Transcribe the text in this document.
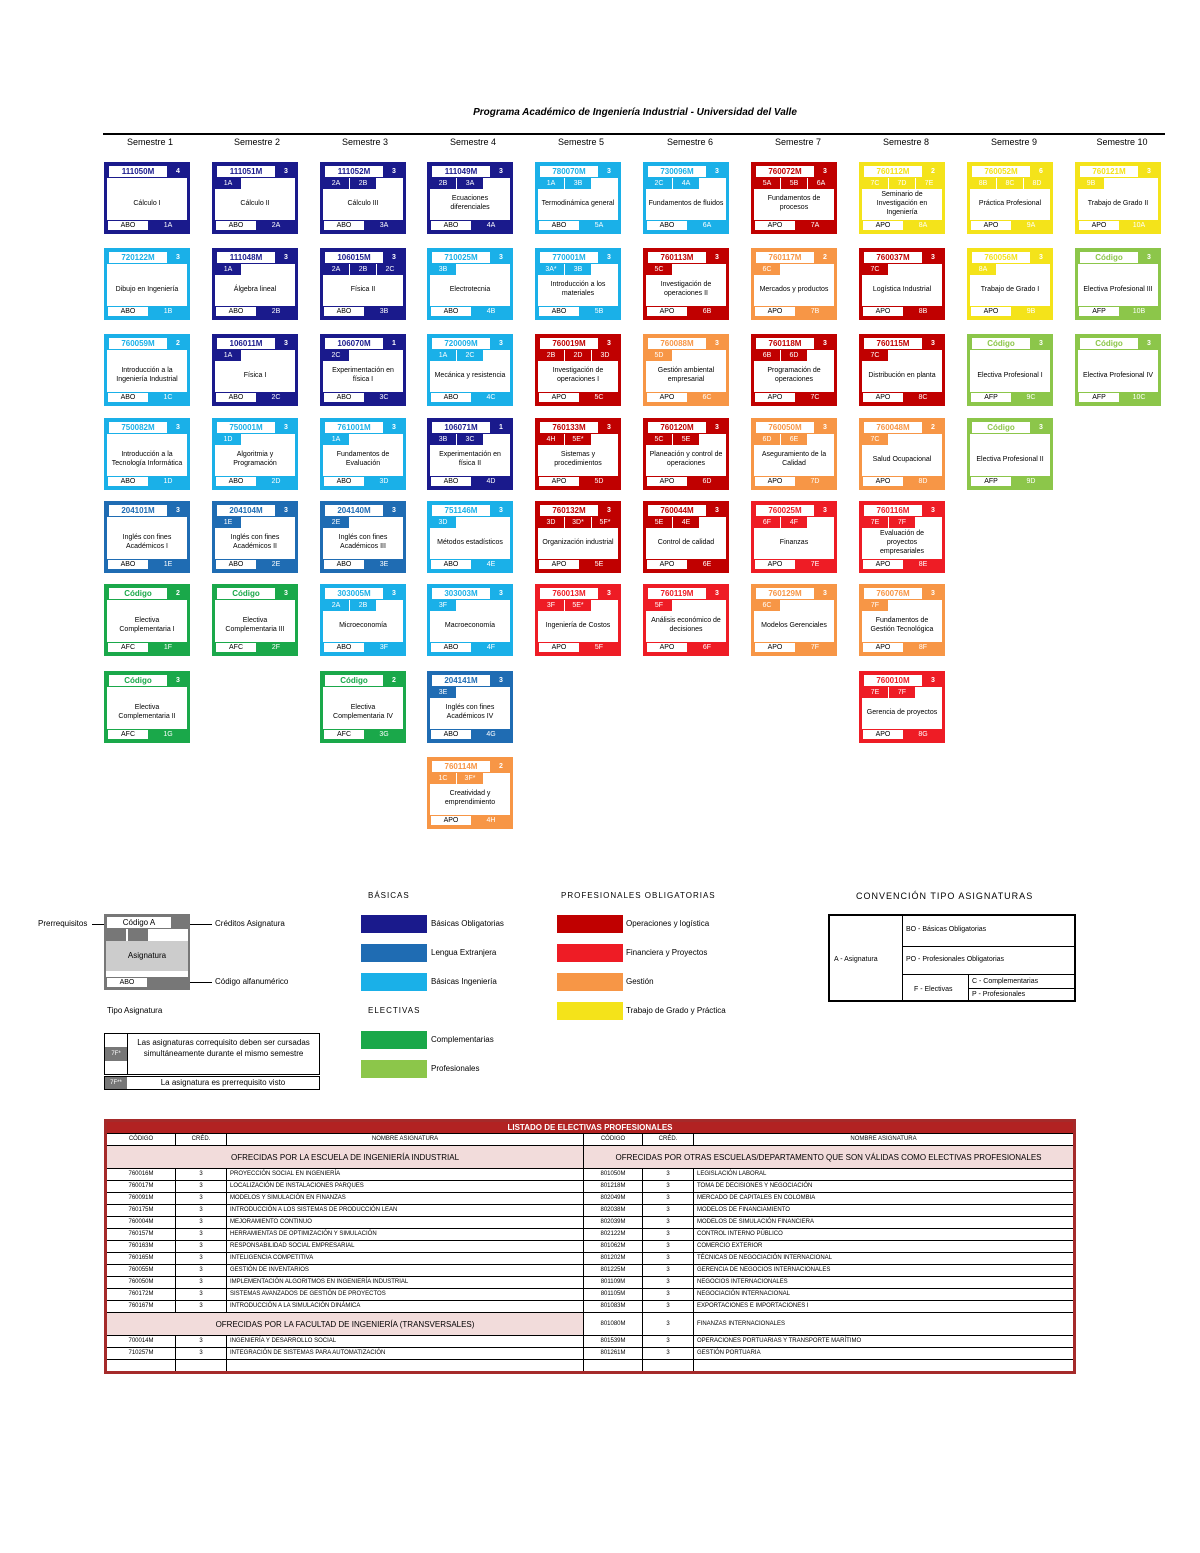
Programa Académico de Ingeniería Industrial - Universidad del Valle
Semestre 1	Semestre 2	Semestre 3	Semestre 4	Semestre 5	Semestre 6	Semestre 7	Semestre 8	Semestre 9	Semestre 10
111050M	4
Cálculo I
ABO	1A
720122M	3
Dibujo en Ingeniería
ABO	1B
760059M	2
Introducción a la Ingeniería Industrial
ABO	1C
750082M	3
Introducción a la Tecnología Informática
ABO	1D
204101M	3
Inglés con fines Académicos I
ABO	1E
Código	2
Electiva Complementaria I
AFC	1F
Código	3
Electiva Complementaria II
AFC	1G
111051M	3
1A
Cálculo II
ABO	2A
111048M	3
1A
Álgebra lineal
ABO	2B
106011M	3
1A
Física I
ABO	2C
750001M	3
1D
Algoritmia y Programación
ABO	2D
204104M	3
1E
Inglés con fines Académicos II
ABO	2E
Código	3
Electiva Complementaria III
AFC	2F
111052M	3
2A	2B
Cálculo III
ABO	3A
106015M	3
2A	2B	2C
Física II
ABO	3B
106070M	1
2C
Experimentación en física I
ABO	3C
761001M	3
1A
Fundamentos de Evaluación
ABO	3D
204140M	3
2E
Inglés con fines Académicos III
ABO	3E
303005M	3
2A	2B
Microeconomía
ABO	3F
Código	2
Electiva Complementaria IV
AFC	3G
111049M	3
2B	3A
Ecuaciones diferenciales
ABO	4A
710025M	3
3B
Electrotecnia
ABO	4B
720009M	3
1A	2C
Mecánica y resistencia
ABO	4C
106071M	1
3B	3C
Experimentación en física II
ABO	4D
751146M	3
3D
Métodos estadísticos
ABO	4E
303003M	3
3F
Macroeconomía
ABO	4F
204141M	3
3E
Inglés con fines Académicos IV
ABO	4G
760114M	2
1C	3F*
Creatividad y emprendimiento
APO	4H
780070M	3
1A	3B
Termodinámica general
ABO	5A
770001M	3
3A*	3B
Introducción a los materiales
ABO	5B
760019M	3
2B	2D	3D
Investigación de operaciones I
APO	5C
760133M	3
4H	5E*
Sistemas y procedimientos
APO	5D
760132M	3
3D	3D*	5F*
Organización industrial
APO	5E
760013M	3
3F	5E*
Ingeniería de Costos
APO	5F
730096M	3
2C	4A
Fundamentos de fluidos
ABO	6A
760113M	3
5C
Investigación de operaciones II
APO	6B
760088M	3
5D
Gestión ambiental empresarial
APO	6C
760120M	3
5C	5E
Planeación y control de operaciones
APO	6D
760044M	3
5E	4E
Control de calidad
APO	6E
760119M	3
5F
Análisis económico de decisiones
APO	6F
760072M	3
5A	5B	6A
Fundamentos de procesos
APO	7A
760117M	2
6C
Mercados y productos
APO	7B
760118M	3
6B	6D
Programación de operaciones
APO	7C
760050M	3
6D	6E
Aseguramiento de la Calidad
APO	7D
760025M	3
6F	4F
Finanzas
APO	7E
760129M	3
6C
Modelos Gerenciales
APO	7F
760112M	2
7C	7D	7E
Seminario de Investigación en Ingeniería
APO	8A
760037M	3
7C
Logística Industrial
APO	8B
760115M	3
7C
Distribución en planta
APO	8C
760048M	2
7C
Salud Ocupacional
APO	8D
760116M	3
7E	7F
Evaluación de proyectos empresariales
APO	8E
760076M	3
7F
Fundamentos de Gestión Tecnológica
APO	8F
760010M	3
7E	7F
Gerencia de proyectos
APO	8G
760052M	6
8B	8C	8D
Práctica Profesional
APO	9A
760056M	3
8A
Trabajo de Grado I
APO	9B
Código	3
Electiva Profesional I
AFP	9C
Código	3
Electiva Profesional II
AFP	9D
760121M	3
9B
Trabajo de Grado II
APO	10A
Código	3
Electiva Profesional III
AFP	10B
Código	3
Electiva Profesional IV
AFP	10C
Código A
Asignatura
ABO
Prerrequisitos	Créditos Asignatura
Código alfanumérico
Tipo Asignatura
7F*
Las asignaturas correquisito deben ser cursadas simultáneamente durante el mismo semestre
7F**	La asignatura es prerrequisito visto
BÁSICAS
Básicas Obligatorias
Lengua Extranjera
Básicas Ingeniería
ELECTIVAS
Complementarias
Profesionales
PROFESIONALES OBLIGATORIAS
Operaciones y logística
Financiera y Proyectos
Gestión
Trabajo de Grado y Práctica
CONVENCIÓN TIPO ASIGNATURAS
A - Asignatura
BO - Básicas Obligatorias
PO - Profesionales Obligatorias
F - Electivas
C - Complementarias
P - Profesionales
LISTADO DE ELECTIVAS PROFESIONALES					
CÓDIGO	CRÉD.	NOMBRE ASIGNATURA	CÓDIGO	CRÉD.	NOMBRE ASIGNATURA
OFRECIDAS POR LA ESCUELA DE INGENIERÍA INDUSTRIAL			OFRECIDAS POR OTRAS ESCUELAS/DEPARTAMENTO QUE SON VÁLIDAS COMO ELECTIVAS PROFESIONALES		
760016M	3	PROYECCIÓN SOCIAL EN INGENIERÍA	801050M	3	LEGISLACIÓN LABORAL
760017M	3	LOCALIZACIÓN DE INSTALACIONES PARQUES	801218M	3	TOMA DE DECISIONES Y NEGOCIACIÓN
760091M	3	MODELOS Y SIMULACIÓN EN FINANZAS	802049M	3	MERCADO DE CAPITALES EN COLOMBIA
760175M	3	INTRODUCCIÓN A LOS SISTEMAS DE PRODUCCIÓN LEAN	802038M	3	MODELOS DE FINANCIAMIENTO
760004M	3	MEJORAMIENTO CONTINUO	802039M	3	MODELOS DE SIMULACIÓN FINANCIERA
760157M	3	HERRAMIENTAS DE OPTIMIZACIÓN Y SIMULACIÓN	802122M	3	CONTROL INTERNO PÚBLICO
760163M	3	RESPONSABILIDAD SOCIAL EMPRESARIAL	801062M	3	COMERCIO EXTERIOR
760165M	3	INTELIGENCIA COMPETITIVA	801202M	3	TÉCNICAS DE NEGOCIACIÓN INTERNACIONAL
760055M	3	GESTIÓN DE INVENTARIOS	801225M	3	GERENCIA DE NEGOCIOS INTERNACIONALES
760050M	3	IMPLEMENTACIÓN ALGORITMOS EN INGENIERÍA INDUSTRIAL	801109M	3	NEGOCIOS INTERNACIONALES
760172M	3	SISTEMAS AVANZADOS DE GESTIÓN DE PROYECTOS	801105M	3	NEGOCIACIÓN INTERNACIONAL
760167M	3	INTRODUCCIÓN A LA SIMULACIÓN DINÁMICA	801083M	3	EXPORTACIONES E IMPORTACIONES I
OFRECIDAS POR LA FACULTAD DE INGENIERÍA (TRANSVERSALES)			801080M	3	FINANZAS INTERNACIONALES
700014M	3	INGENIERÍA Y DESARROLLO SOCIAL	801539M	3	OPERACIONES PORTUARIAS Y TRANSPORTE MARÍTIMO
710257M	3	INTEGRACIÓN DE SISTEMAS PARA AUTOMATIZACIÓN	801261M	3	GESTIÓN PORTUARIA
